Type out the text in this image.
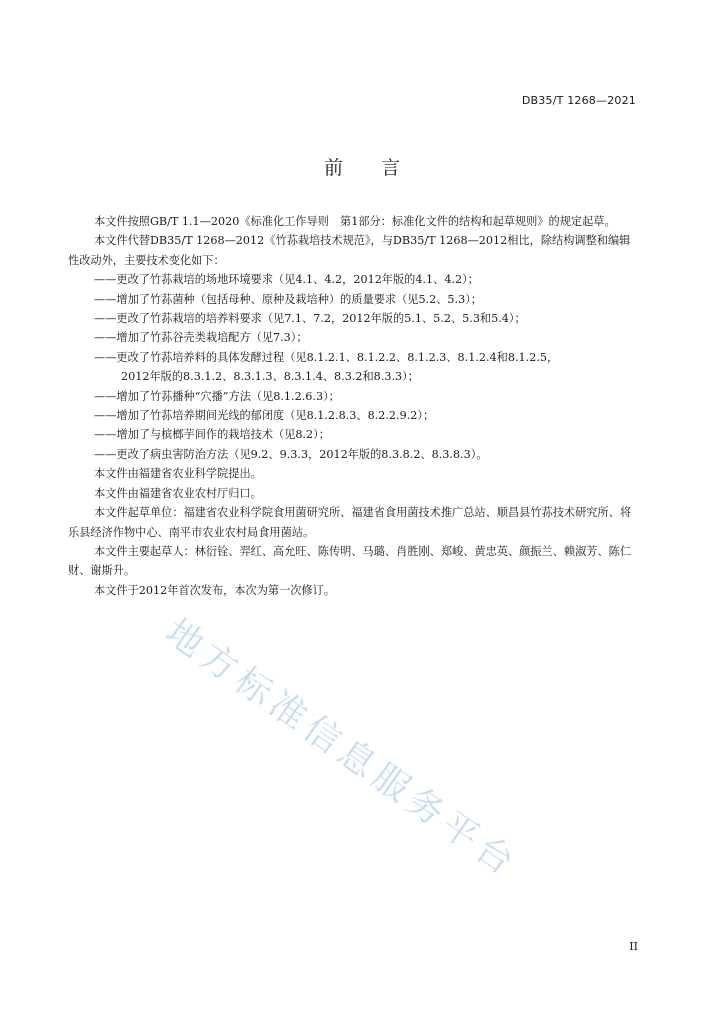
DB35/T 1268—2021
前 言

本文件按照GB/T 1.1—2020《标准化工作导则　第1部分：标准化文件的结构和起草规则》的规定起草。

本文件代替DB35/T 1268—2012《竹荪栽培技术规范》，与DB35/T 1268—2012相比，除结构调整和编辑性改动外，主要技术变化如下：

——更改了竹荪栽培的场地环境要求（见4.1、4.2，2012年版的4.1、4.2）；

——增加了竹荪菌种（包括母种、原种及栽培种）的质量要求（见5.2、5.3）；

——更改了竹荪栽培的培养料要求（见7.1、7.2，2012年版的5.1、5.2、5.3和5.4）；

——增加了竹荪谷壳类栽培配方（见7.3）；

——更改了竹荪培养料的具体发酵过程（见8.1.2.1、8.1.2.2、8.1.2.3、8.1.2.4和8.1.2.5，

2012年版的8.3.1.2、8.3.1.3、8.3.1.4、8.3.2和8.3.3）；

——增加了竹荪播种“穴播”方法（见8.1.2.6.3）；

——增加了竹荪培养期间光线的郁闭度（见8.1.2.8.3、8.2.2.9.2）；

——增加了与槟榔芋间作的栽培技术（见8.2）；

——更改了病虫害防治方法（见9.2、9.3.3，2012年版的8.3.8.2、8.3.8.3）。

本文件由福建省农业科学院提出。

本文件由福建省农业农村厅归口。

本文件起草单位：福建省农业科学院食用菌研究所、福建省食用菌技术推广总站、顺昌县竹荪技术研究所、将乐县经济作物中心、南平市农业农村局食用菌站。

本文件主要起草人：林衍铨、羿红、高允旺、陈传明、马璐、肖胜刚、郑峻、黄忠英、颜振兰、赖淑芳、陈仁财、谢斯升。

本文件于2012年首次发布，本次为第一次修订。

地方标准信息服务平台
II
